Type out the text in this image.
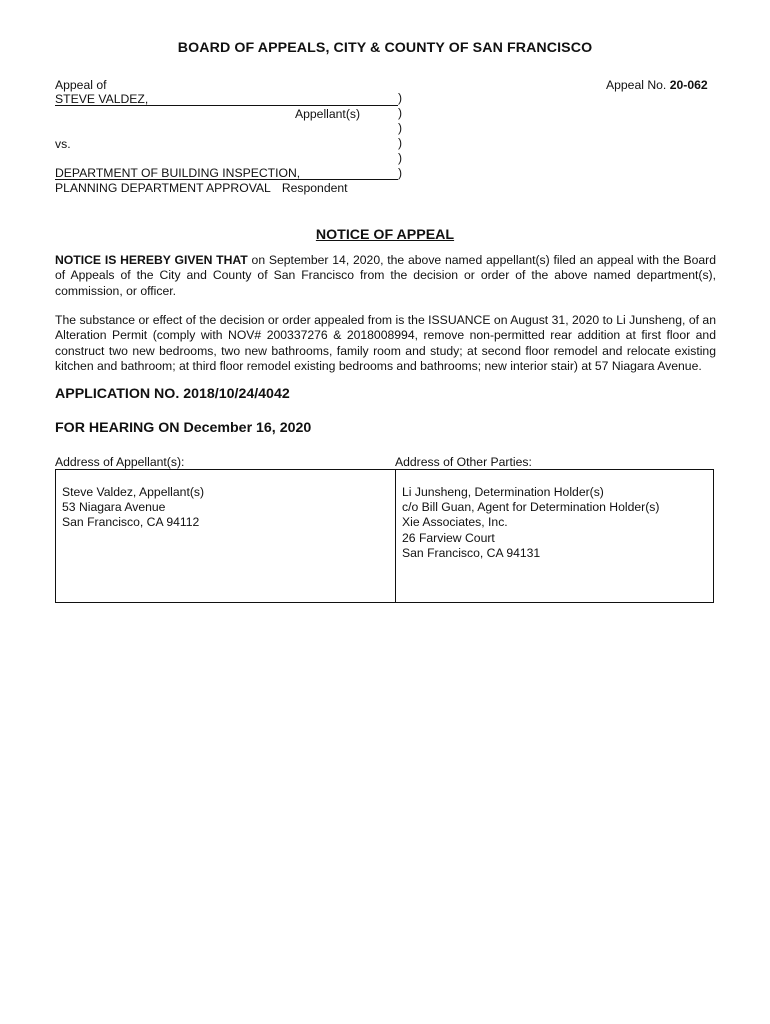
BOARD OF APPEALS, CITY & COUNTY OF SAN FRANCISCO
Appeal No. 20-062
Appeal of
STEVE VALDEZ,
Appellant(s)
vs.
DEPARTMENT OF BUILDING INSPECTION,
PLANNING DEPARTMENT APPROVAL Respondent
)
)
)
)
)
)
NOTICE OF APPEAL
NOTICE IS HEREBY GIVEN THAT on September 14, 2020, the above named appellant(s) filed an appeal with the Board of Appeals of the City and County of San Francisco from the decision or order of the above named department(s), commission, or officer.
The substance or effect of the decision or order appealed from is the ISSUANCE on August 31, 2020 to Li Junsheng, of an Alteration Permit (comply with NOV# 200337276 & 2018008994, remove non-permitted rear addition at first floor and construct two new bedrooms, two new bathrooms, family room and study; at second floor remodel and relocate existing kitchen and bathroom; at third floor remodel existing bedrooms and bathrooms; new interior stair) at 57 Niagara Avenue.
APPLICATION NO. 2018/10/24/4042
FOR HEARING ON December 16, 2020
Address of Appellant(s):	Address of Other Parties:
Steve Valdez, Appellant(s)
53 Niagara Avenue
San Francisco, CA 94112
Li Junsheng, Determination Holder(s)
c/o Bill Guan, Agent for Determination Holder(s)
Xie Associates, Inc.
26 Farview Court
San Francisco, CA 94131
